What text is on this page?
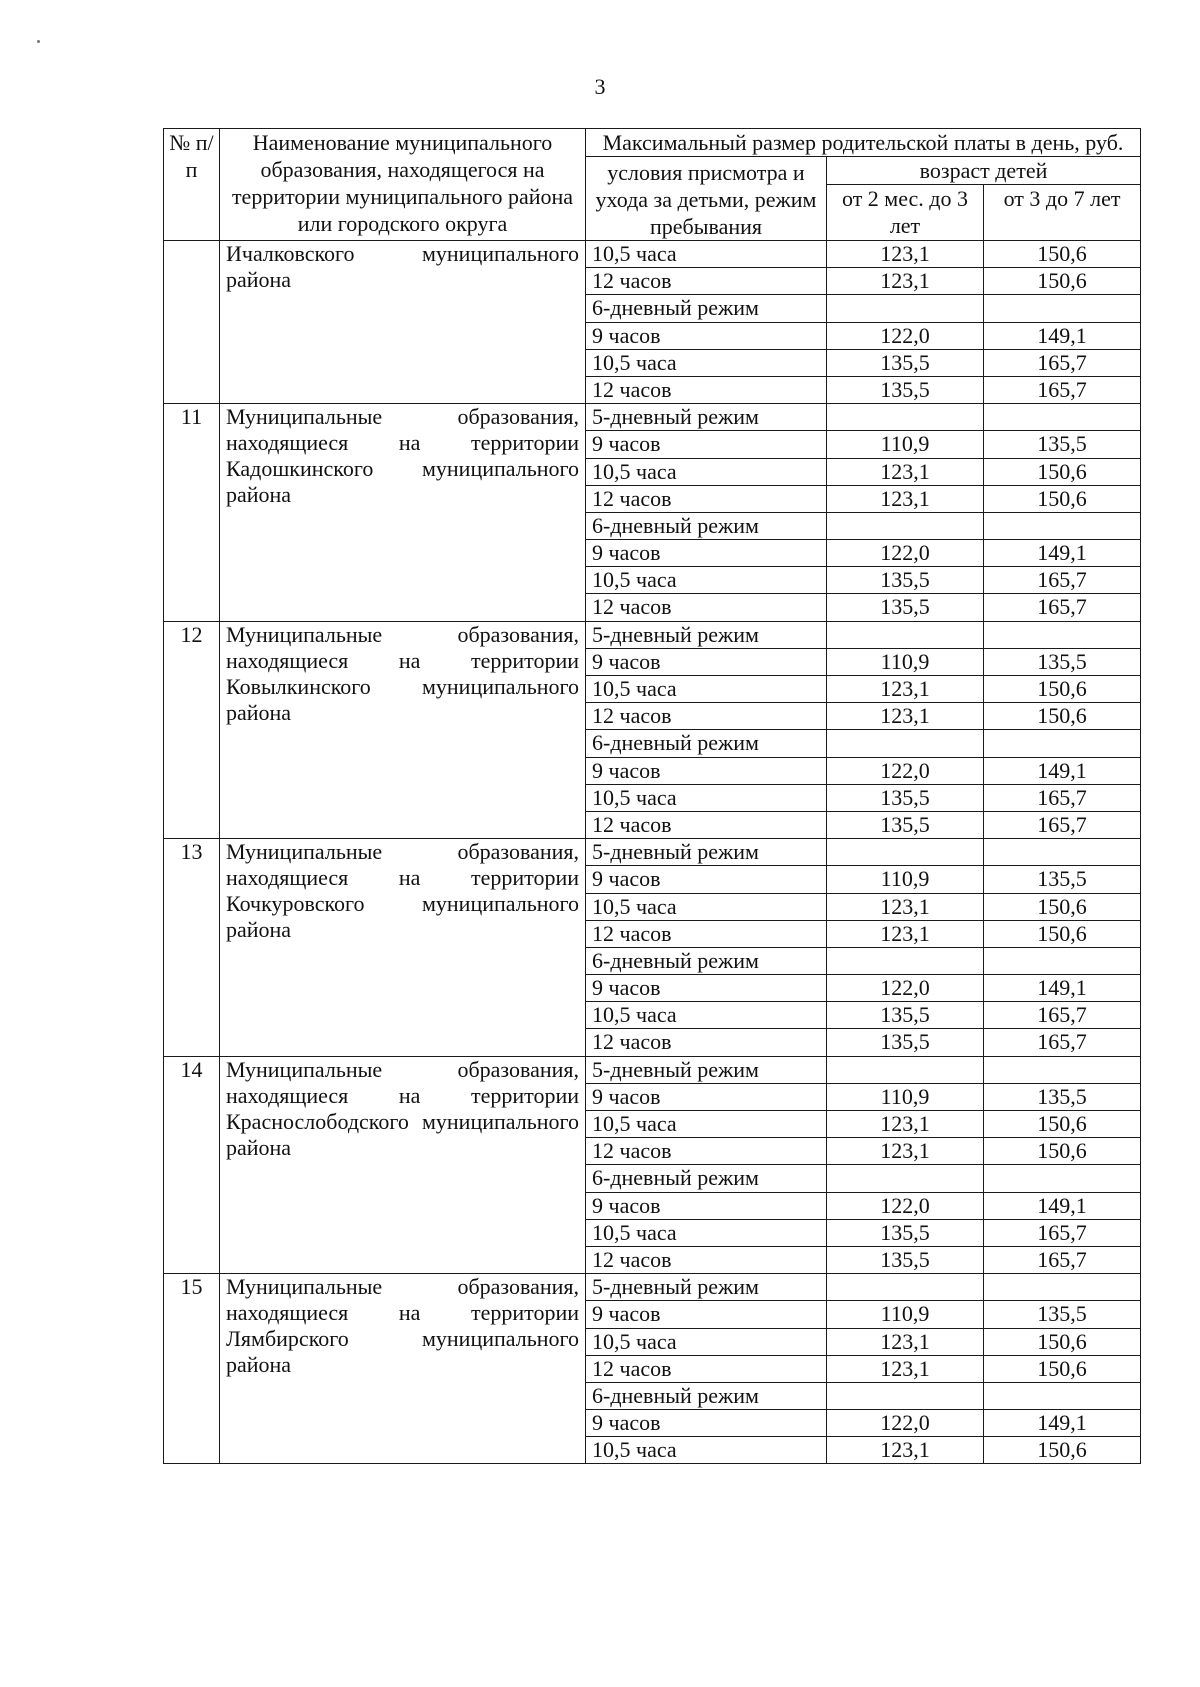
3
№ п/п	Наименование муниципального образования, находящегося на территории муниципального района или городского округа	Максимальный размер родительской платы в день, руб.		
		условия присмотра и ухода за детьми, режим пребывания	возраст детей	
			от 2 мес. до 3 лет	от 3 до 7 лет
	Ичалковского муниципального района	10,5 часа	123,1	150,6
		12 часов	123,1	150,6
		6-дневный режим		
		9 часов	122,0	149,1
		10,5 часа	135,5	165,7
		12 часов	135,5	165,7
11	Муниципальные образования, находящиеся на территории Кадошкинского муниципального района	5-дневный режим		
		9 часов	110,9	135,5
		10,5 часа	123,1	150,6
		12 часов	123,1	150,6
		6-дневный режим		
		9 часов	122,0	149,1
		10,5 часа	135,5	165,7
		12 часов	135,5	165,7
12	Муниципальные образования, находящиеся на территории Ковылкинского муниципального района	5-дневный режим		
		9 часов	110,9	135,5
		10,5 часа	123,1	150,6
		12 часов	123,1	150,6
		6-дневный режим		
		9 часов	122,0	149,1
		10,5 часа	135,5	165,7
		12 часов	135,5	165,7
13	Муниципальные образования, находящиеся на территории Кочкуровского муниципального района	5-дневный режим		
		9 часов	110,9	135,5
		10,5 часа	123,1	150,6
		12 часов	123,1	150,6
		6-дневный режим		
		9 часов	122,0	149,1
		10,5 часа	135,5	165,7
		12 часов	135,5	165,7
14	Муниципальные образования, находящиеся на территории Краснослободского муниципального района	5-дневный режим		
		9 часов	110,9	135,5
		10,5 часа	123,1	150,6
		12 часов	123,1	150,6
		6-дневный режим		
		9 часов	122,0	149,1
		10,5 часа	135,5	165,7
		12 часов	135,5	165,7
15	Муниципальные образования, находящиеся на территории Лямбирского муниципального района	5-дневный режим		
		9 часов	110,9	135,5
		10,5 часа	123,1	150,6
		12 часов	123,1	150,6
		6-дневный режим		
		9 часов	122,0	149,1
		10,5 часа	123,1	150,6
